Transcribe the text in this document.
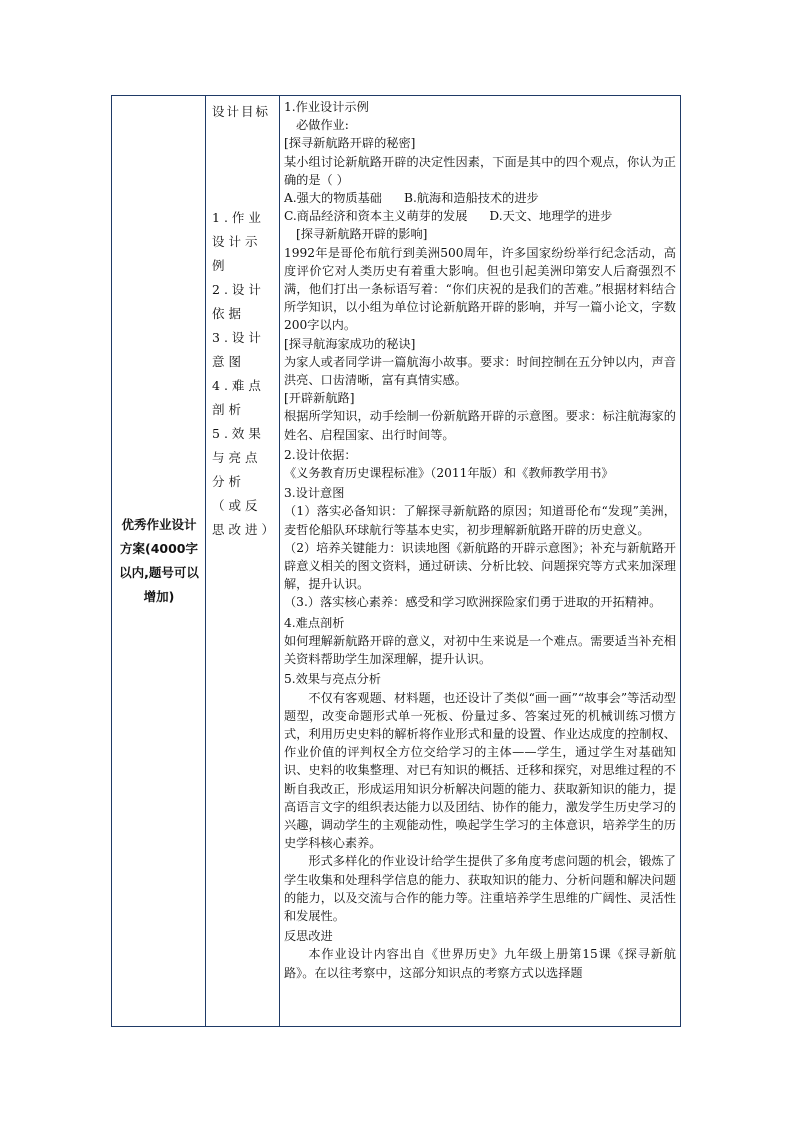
优秀作业设计方案(4000字以内,题号可以增加)
设计目标
1.作业设计示例
2.设计依据
3.设计意图
4.难点剖析
5.效果与亮点分析（或反思改进）

1.作业设计示例

必做作业:

[探寻新航路开辟的秘密]

某小组讨论新航路开辟的决定性因素，下面是其中的四个观点，你认为正确的是（ ）

A.强大的物质基础 B.航海和造船技术的进步
C.商品经济和资本主义萌芽的发展 D.天文、地理学的进步

[探寻新航路开辟的影响]

1992年是哥伦布航行到美洲500周年，许多国家纷纷举行纪念活动，高度评价它对人类历史有着重大影响。但也引起美洲印第安人后裔强烈不满，他们打出一条标语写着：“你们庆祝的是我们的苦难。”根据材料结合所学知识，以小组为单位讨论新航路开辟的影响，并写一篇小论文，字数200字以内。

[探寻航海家成功的秘诀]

为家人或者同学讲一篇航海小故事。要求：时间控制在五分钟以内，声音洪亮、口齿清晰，富有真情实感。

[开辟新航路]

根据所学知识，动手绘制一份新航路开辟的示意图。要求：标注航海家的姓名、启程国家、出行时间等。

2.设计依据：

《义务教育历史课程标准》（2011年版）和《教师教学用书》

3.设计意图

（1）落实必备知识：了解探寻新航路的原因；知道哥伦布“发现”美洲，麦哲伦船队环球航行等基本史实，初步理解新航路开辟的历史意义。

（2）培养关键能力：识读地图《新航路的开辟示意图》；补充与新航路开辟意义相关的图文资料，通过研读、分析比较、问题探究等方式来加深理解，提升认识。

（3.）落实核心素养：感受和学习欧洲探险家们勇于进取的开拓精神。

4.难点剖析

如何理解新航路开辟的意义，对初中生来说是一个难点。需要适当补充相关资料帮助学生加深理解，提升认识。

5.效果与亮点分析

不仅有客观题、材料题，也还设计了类似“画一画”“故事会”等活动型题型，改变命题形式单一死板、份量过多、答案过死的机械训练习惯方式，利用历史史料的解析将作业形式和量的设置、作业达成度的控制权、作业价值的评判权全方位交给学习的主体——学生，通过学生对基础知识、史料的收集整理、对已有知识的概括、迁移和探究，对思维过程的不断自我改正，形成运用知识分析解决问题的能力、获取新知识的能力，提高语言文字的组织表达能力以及团结、协作的能力，激发学生历史学习的兴趣，调动学生的主观能动性，唤起学生学习的主体意识，培养学生的历史学科核心素养。

形式多样化的作业设计给学生提供了多角度考虑问题的机会，锻炼了学生收集和处理科学信息的能力、获取知识的能力、分析问题和解决问题的能力，以及交流与合作的能力等。注重培养学生思维的广阔性、灵活性和发展性。

反思改进

本作业设计内容出自《世界历史》九年级上册第15课《探寻新航路》。在以往考察中，这部分知识点的考察方式以选择题
